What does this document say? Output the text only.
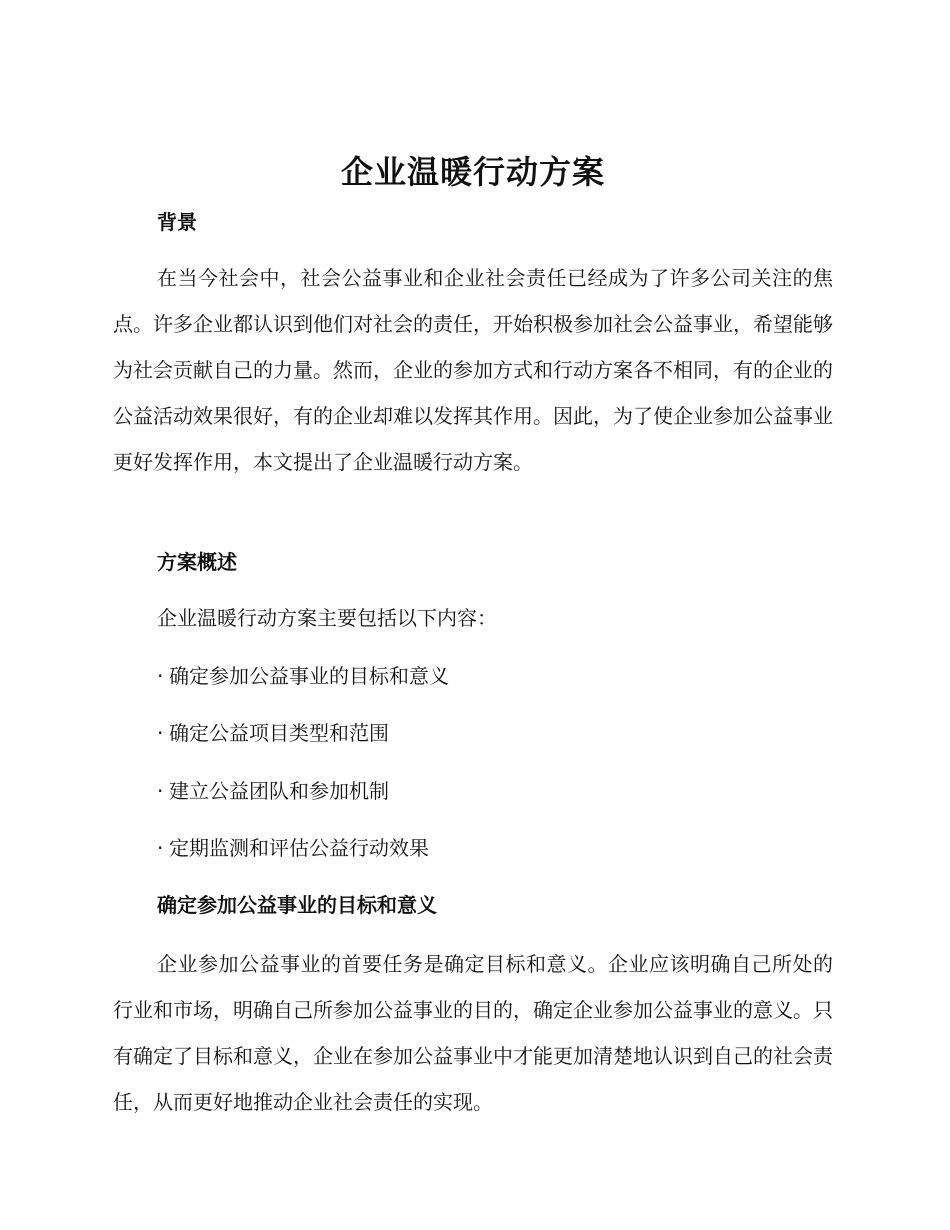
企业温暖行动方案
背景

在当今社会中，社会公益事业和企业社会责任已经成为了许多公司关注的焦点。许多企业都认识到他们对社会的责任，开始积极参加社会公益事业，希望能够为社会贡献自己的力量。然而，企业的参加方式和行动方案各不相同，有的企业的公益活动效果很好，有的企业却难以发挥其作用。因此，为了使企业参加公益事业更好发挥作用，本文提出了企业温暖行动方案。

方案概述

企业温暖行动方案主要包括以下内容：

· 确定参加公益事业的目标和意义
· 确定公益项目类型和范围
· 建立公益团队和参加机制
· 定期监测和评估公益行动效果
确定参加公益事业的目标和意义

企业参加公益事业的首要任务是确定目标和意义。企业应该明确自己所处的行业和市场，明确自己所参加公益事业的目的，确定企业参加公益事业的意义。只有确定了目标和意义，企业在参加公益事业中才能更加清楚地认识到自己的社会责任，从而更好地推动企业社会责任的实现。
